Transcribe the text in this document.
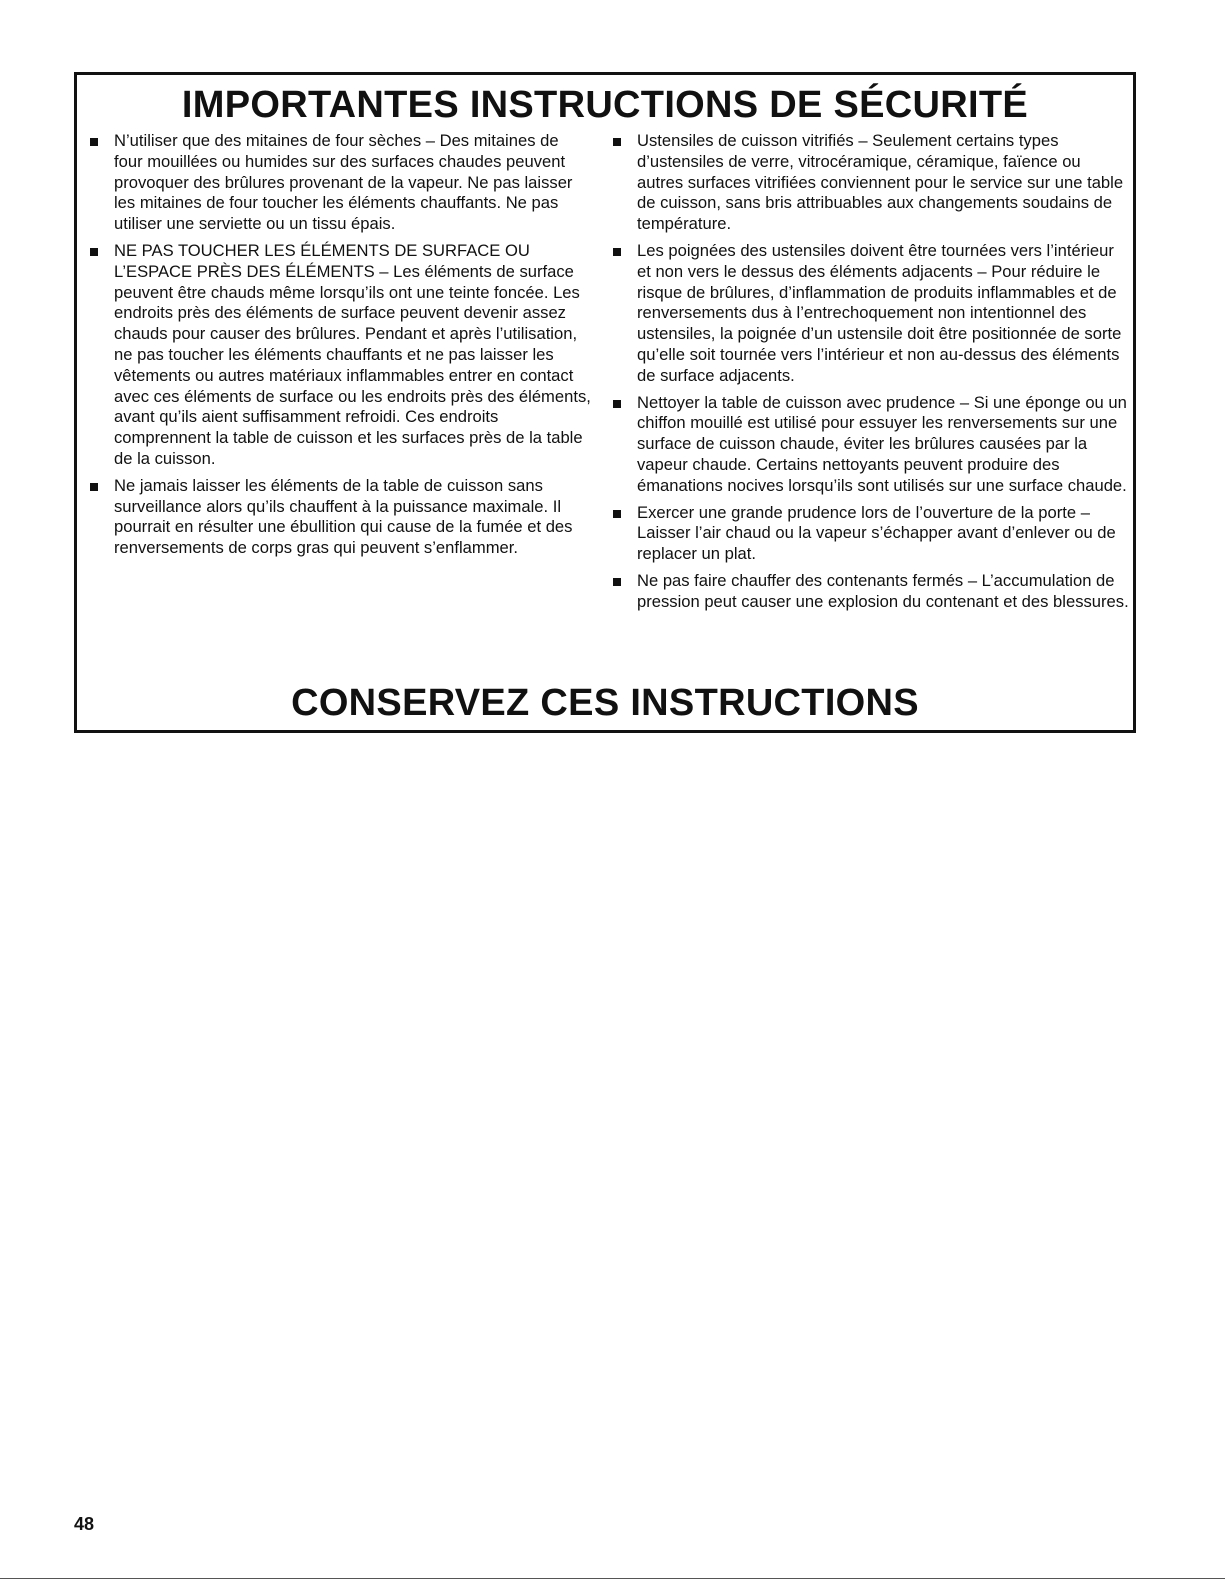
IMPORTANTES INSTRUCTIONS DE SÉCURITÉ
N’utiliser que des mitaines de four sèches – Des mitaines de four mouillées ou humides sur des surfaces chaudes peuvent provoquer des brûlures provenant de la vapeur. Ne pas laisser les mitaines de four toucher les éléments chauffants. Ne pas utiliser une serviette ou un tissu épais.
NE PAS TOUCHER LES ÉLÉMENTS DE SURFACE OU L’ESPACE PRÈS DES ÉLÉMENTS – Les éléments de surface peuvent être chauds même lorsqu’ils ont une teinte foncée. Les endroits près des éléments de surface peuvent devenir assez chauds pour causer des brûlures. Pendant et après l’utilisation, ne pas toucher les éléments chauffants et ne pas laisser les vêtements ou autres matériaux inflammables entrer en contact avec ces éléments de surface ou les endroits près des éléments, avant qu’ils aient suffisamment refroidi. Ces endroits comprennent la table de cuisson et les surfaces près de la table de la cuisson.
Ne jamais laisser les éléments de la table de cuisson sans surveillance alors qu’ils chauffent à la puissance maximale. Il pourrait en résulter une ébullition qui cause de la fumée et des renversements de corps gras qui peuvent s’enflammer.
Ustensiles de cuisson vitrifiés – Seulement certains types d’ustensiles de verre, vitrocéramique, céramique, faïence ou autres surfaces vitrifiées conviennent pour le service sur une table de cuisson, sans bris attribuables aux changements soudains de température.
Les poignées des ustensiles doivent être tournées vers l’intérieur et non vers le dessus des éléments adjacents – Pour réduire le risque de brûlures, d’inflammation de produits inflammables et de renversements dus à l’entrechoquement non intentionnel des ustensiles, la poignée d’un ustensile doit être positionnée de sorte qu’elle soit tournée vers l’intérieur et non au-dessus des éléments de surface adjacents.
Nettoyer la table de cuisson avec prudence – Si une éponge ou un chiffon mouillé est utilisé pour essuyer les renversements sur une surface de cuisson chaude, éviter les brûlures causées par la vapeur chaude. Certains nettoyants peuvent produire des émanations nocives lorsqu’ils sont utilisés sur une surface chaude.
Exercer une grande prudence lors de l’ouverture de la porte – Laisser l’air chaud ou la vapeur s’échapper avant d’enlever ou de replacer un plat.
Ne pas faire chauffer des contenants fermés – L’accumulation de pression peut causer une explosion du contenant et des blessures.
CONSERVEZ CES INSTRUCTIONS
48
